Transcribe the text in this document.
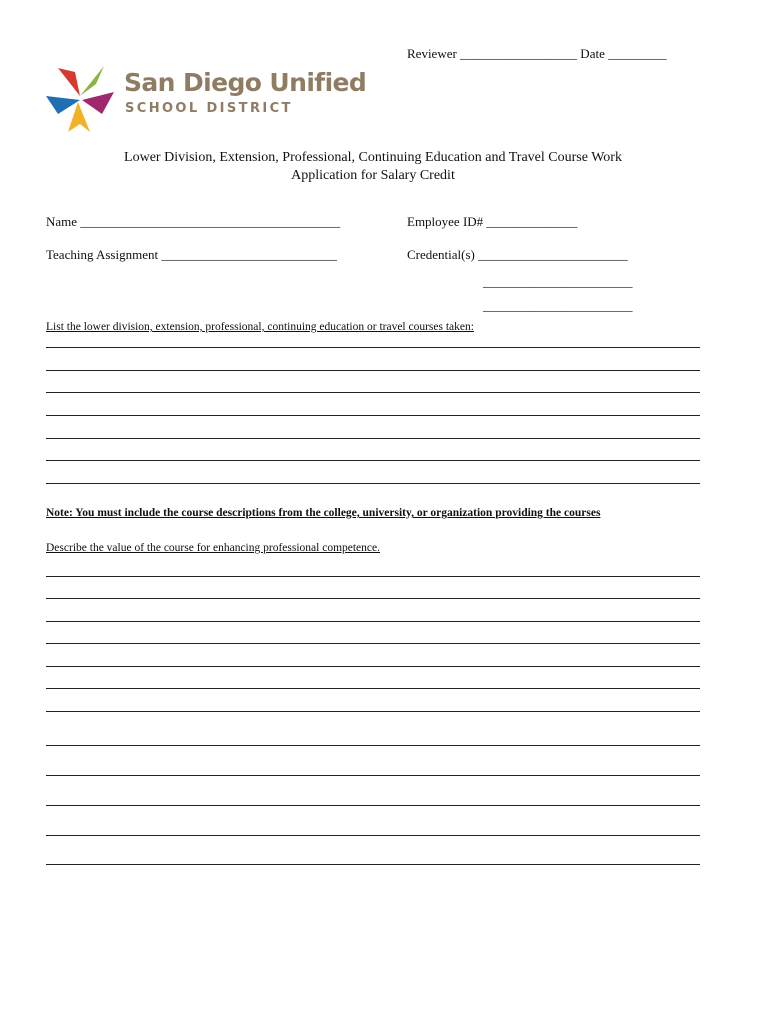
Reviewer __________________ Date _________
San Diego Unified
SCHOOL DISTRICT
Lower Division, Extension, Professional, Continuing Education and Travel Course Work
Application for Salary Credit
Name ________________________________________	Employee ID# ______________
Teaching Assignment ___________________________	Credential(s) _______________________
_______________________
_______________________
List the lower division, extension, professional, continuing education or travel courses taken:
Note: You must include the course descriptions from the college, university, or organization providing the courses
Describe the value of the course for enhancing professional competence.
